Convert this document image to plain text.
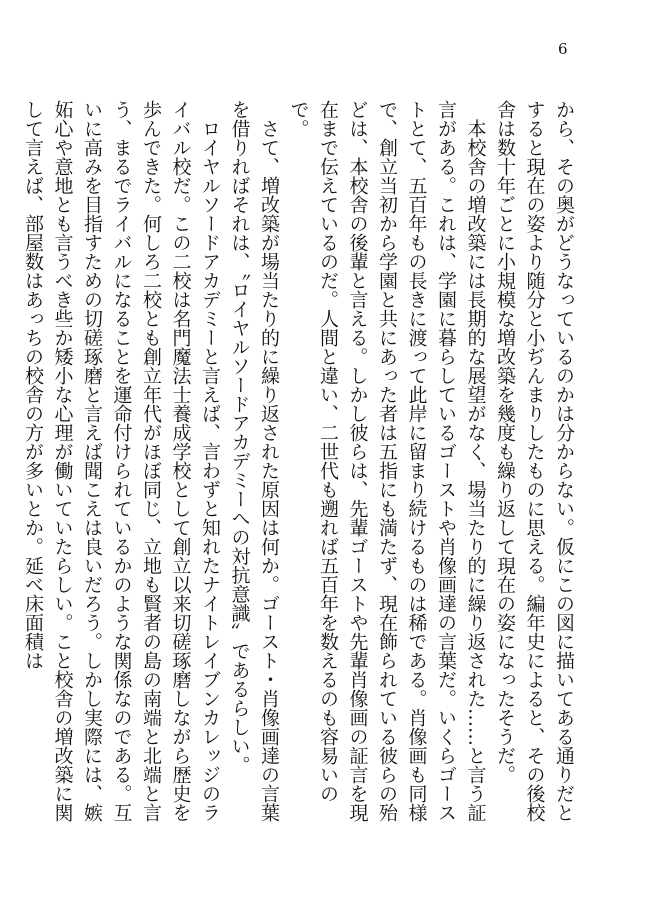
6

から、その奥がどうなっているのかは分からない。仮にこの図に描いてある通りだとすると現在の姿より随分と小ぢんまりしたものに思える。編年史によると、その後校舎は数十年ごとに小規模な増改築を幾度も繰り返して現在の姿になったそうだ。

本校舎の増改築には長期的な展望がなく、場当たり的に繰り返された……と言う証言がある。これは、学園に暮らしているゴーストや肖像画達の言葉だ。いくらゴーストとて、五百年もの長きに渡って此岸に留まり続けるものは稀である。肖像画も同様で、創立当初から学園と共にあった者は五指にも満たず、現在飾られている彼らの殆どは、本校舎の後輩と言える。しかし彼らは、先輩ゴーストや先輩肖像画の証言を現在まで伝えているのだ。人間と違い、二世代も遡れば五百年を数えるのも容易いので。

さて、増改築が場当たり的に繰り返された原因は何か。ゴースト・肖像画達の言葉を借りればそれは、〝ロイヤルソードアカデミーへの対抗意識〟であるらしい。

ロイヤルソードアカデミーと言えば、言わずと知れたナイトレイブンカレッジのライバル校だ。この二校は名門魔法士養成学校として創立以来切磋琢磨しながら歴史を歩んできた。何しろ二校とも創立年代がほぼ同じ、立地も賢者の島の南端と北端と言う、まるでライバルになることを運命付けられているかのような関係なのである。互いに高みを目指すための切磋琢磨と言えば聞こえは良いだろう。しかし実際には、嫉妬心や意地とも言うべき些か矮小な心理が働いていたらしい。こと校舎の増改築に関して言えば、部屋数はあっちの校舎の方が多いとか。延べ床面積は
